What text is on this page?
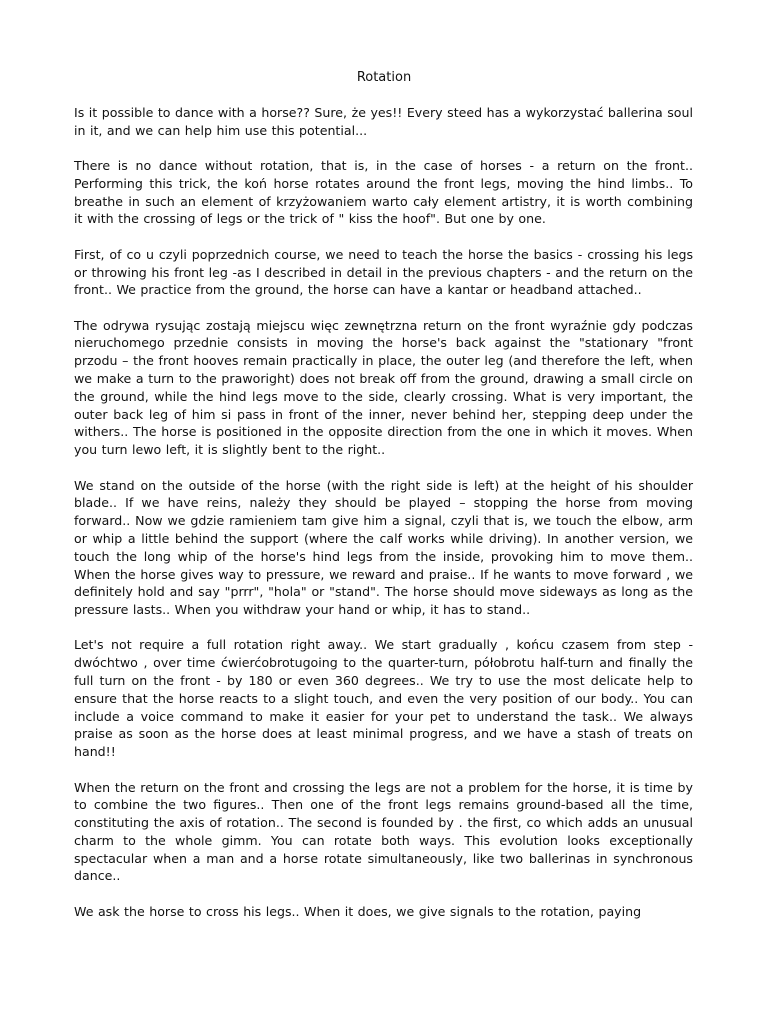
Rotation

Is it possible to dance with a horse?? Sure, że yes!! Every steed has a wykorzystać ballerina soul in it, and we can help him use this potential...

There is no dance without rotation, that is, in the case of horses - a return on the front.. Performing this trick, the koń horse rotates around the front legs, moving the hind limbs.. To breathe in such an element of krzyżowaniem warto cały element artistry, it is worth combining it with the crossing of legs or the trick of " kiss the hoof". But one by one.

First, of co u czyli poprzednich course, we need to teach the horse the basics - crossing his legs or throwing his front leg -as I described in detail in the previous chapters - and the return on the front.. We practice from the ground, the horse can have a kantar or headband attached..

The odrywa rysując zostają miejscu więc zewnętrzna return on the front wyraźnie gdy podczas nieruchomego przednie consists in moving the horse's back against the "stationary "front przodu – the front hooves remain practically in place, the outer leg (and therefore the left, when we make a turn to the praworight) does not break off from the ground, drawing a small circle on the ground, while the hind legs move to the side, clearly crossing. What is very important, the outer back leg of him si pass in front of the inner, never behind her, stepping deep under the withers.. The horse is positioned in the opposite direction from the one in which it moves. When you turn lewo left, it is slightly bent to the right..

We stand on the outside of the horse (with the right side is left) at the height of his shoulder blade.. If we have reins, należy they should be played – stopping the horse from moving forward.. Now we gdzie ramieniem tam give him a signal, czyli that is, we touch the elbow, arm or whip a little behind the support (where the calf works while driving). In another version, we touch the long whip of the horse's hind legs from the inside, provoking him to move them.. When the horse gives way to pressure, we reward and praise.. If he wants to move forward , we definitely hold and say "prrr", "hola" or "stand". The horse should move sideways as long as the pressure lasts.. When you withdraw your hand or whip, it has to stand..

Let's not require a full rotation right away.. We start gradually , końcu czasem from step - dwóchtwo , over time ćwierćobrotugoing to the quarter-turn, półobrotu half-turn and finally the full turn on the front - by 180 or even 360 degrees.. We try to use the most delicate help to ensure that the horse reacts to a slight touch, and even the very position of our body.. You can include a voice command to make it easier for your pet to understand the task.. We always praise as soon as the horse does at least minimal progress, and we have a stash of treats on hand!!

When the return on the front and crossing the legs are not a problem for the horse, it is time by to combine the two figures.. Then one of the front legs remains ground-based all the time, constituting the axis of rotation.. The second is founded by . the first, co which adds an unusual charm to the whole gimm. You can rotate both ways. This evolution looks exceptionally spectacular when a man and a horse rotate simultaneously, like two ballerinas in synchronous dance..

We ask the horse to cross his legs.. When it does, we give signals to the rotation, paying
